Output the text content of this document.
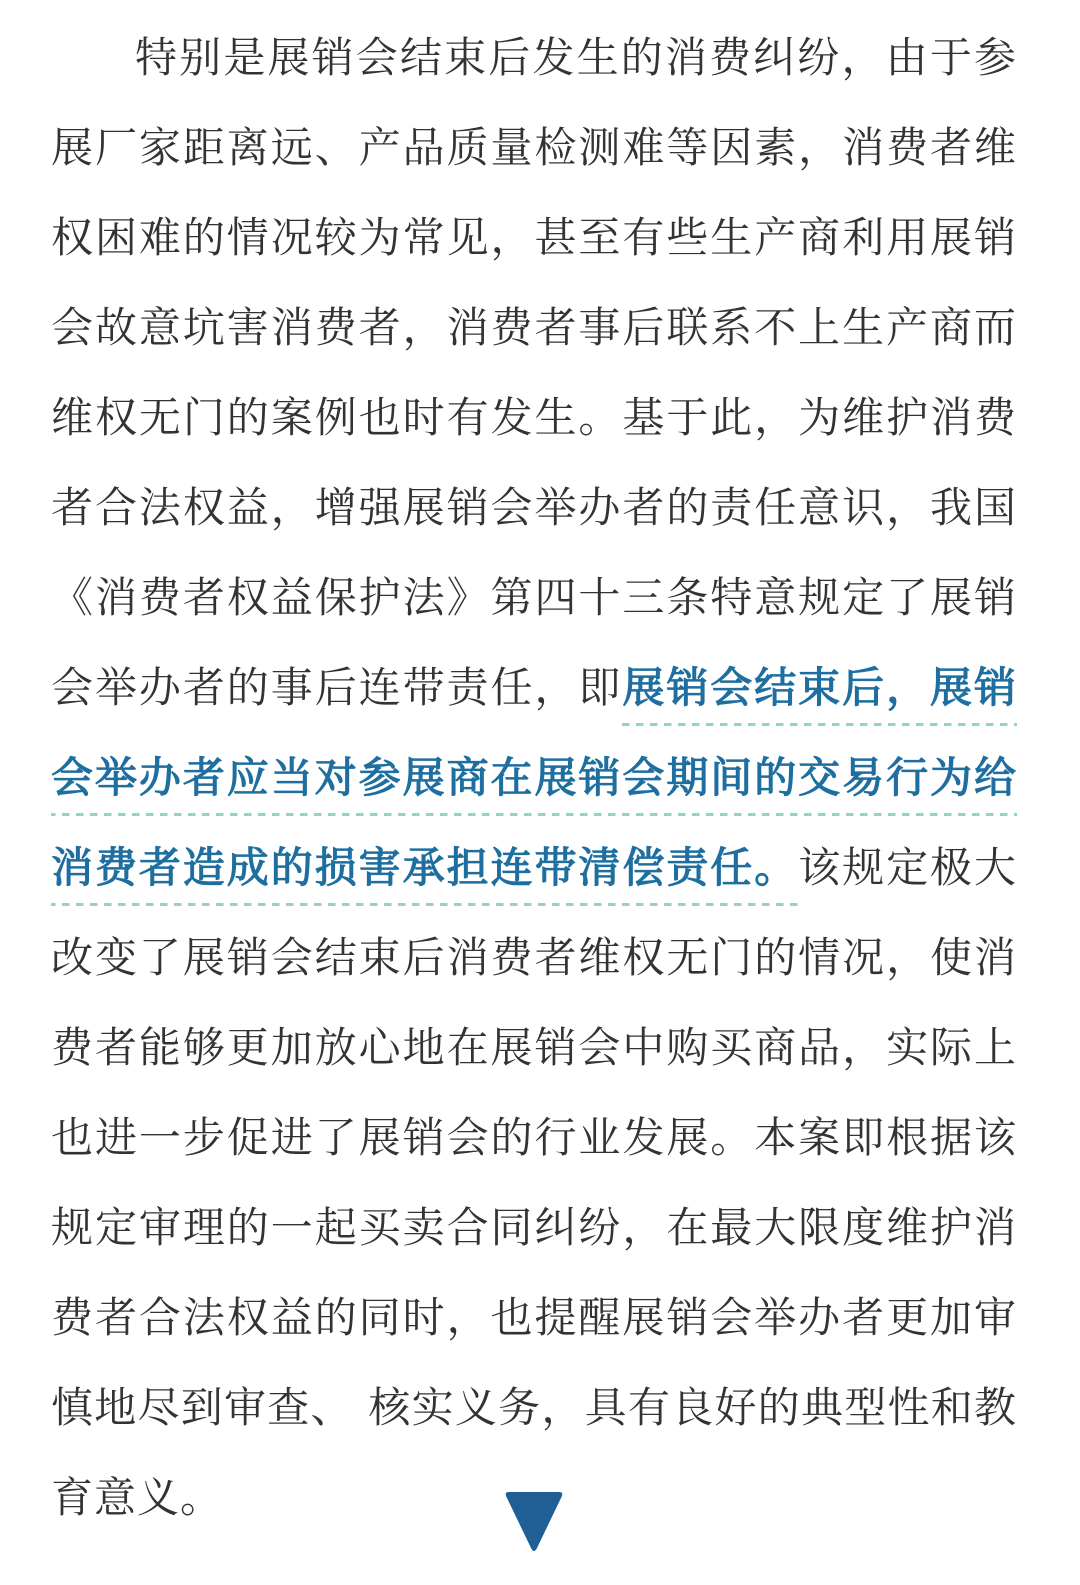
特别是展销会结束后发生的消费纠纷，由于参展厂家距离远、产品质量检测难等因素，消费者维权困难的情况较为常见，甚至有些生产商利用展销会故意坑害消费者，消费者事后联系不上生产商而维权无门的案例也时有发生。基于此，为维护消费者合法权益，增强展销会举办者的责任意识，我国《消费者权益保护法》第四十三条特意规定了展销会举办者的事后连带责任，即展销会结束后，展销会举办者应当对参展商在展销会期间的交易行为给消费者造成的损害承担连带清偿责任。该规定极大改变了展销会结束后消费者维权无门的情况，使消费者能够更加放心地在展销会中购买商品，实际上也进一步促进了展销会的行业发展。本案即根据该规定审理的一起买卖合同纠纷，在最大限度维护消费者合法权益的同时，也提醒展销会举办者更加审慎地尽到审查、 核实义务，具有良好的典型性和教育意义。
